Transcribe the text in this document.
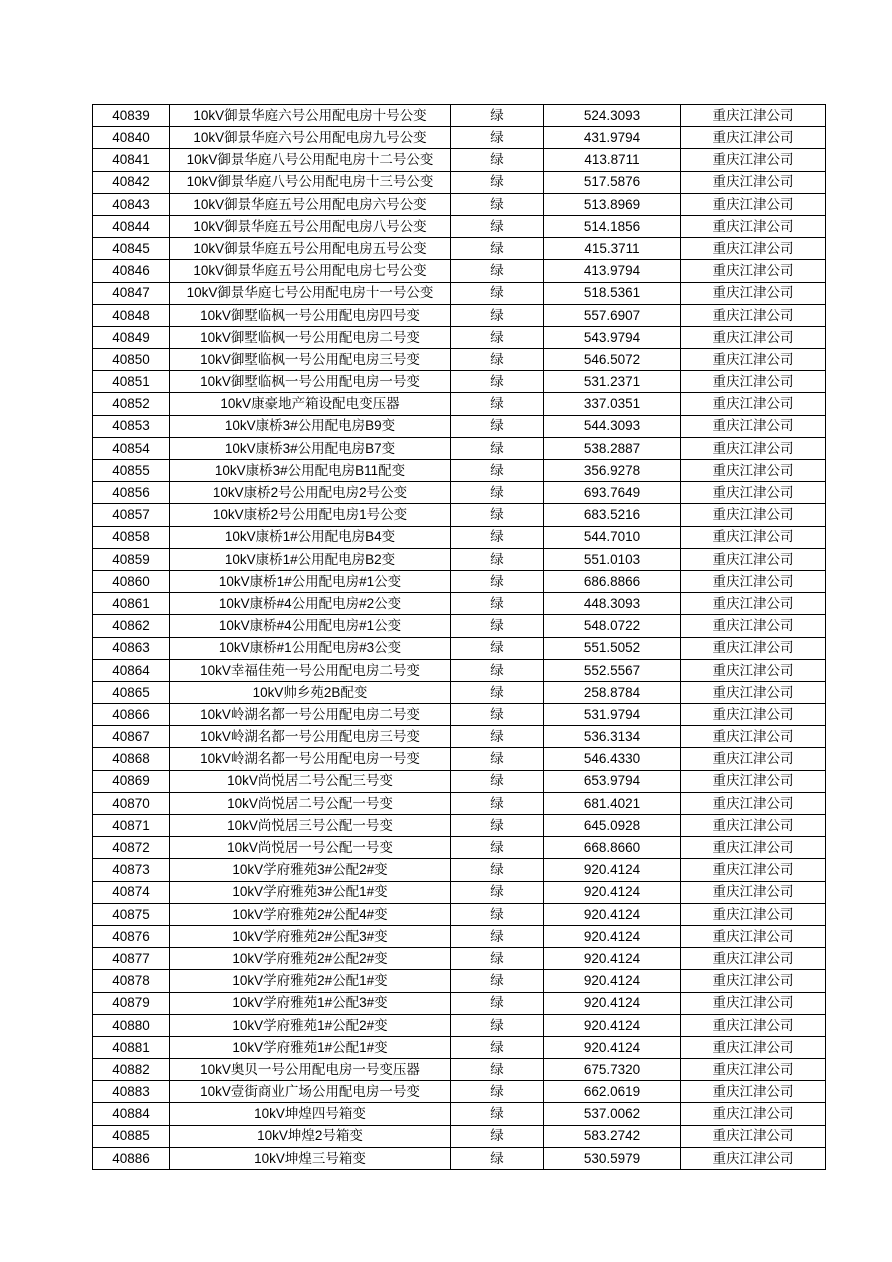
40839	10kV御景华庭六号公用配电房十号公变	绿	524.3093	重庆江津公司
40840	10kV御景华庭六号公用配电房九号公变	绿	431.9794	重庆江津公司
40841	10kV御景华庭八号公用配电房十二号公变	绿	413.8711	重庆江津公司
40842	10kV御景华庭八号公用配电房十三号公变	绿	517.5876	重庆江津公司
40843	10kV御景华庭五号公用配电房六号公变	绿	513.8969	重庆江津公司
40844	10kV御景华庭五号公用配电房八号公变	绿	514.1856	重庆江津公司
40845	10kV御景华庭五号公用配电房五号公变	绿	415.3711	重庆江津公司
40846	10kV御景华庭五号公用配电房七号公变	绿	413.9794	重庆江津公司
40847	10kV御景华庭七号公用配电房十一号公变	绿	518.5361	重庆江津公司
40848	10kV御墅临枫一号公用配电房四号变	绿	557.6907	重庆江津公司
40849	10kV御墅临枫一号公用配电房二号变	绿	543.9794	重庆江津公司
40850	10kV御墅临枫一号公用配电房三号变	绿	546.5072	重庆江津公司
40851	10kV御墅临枫一号公用配电房一号变	绿	531.2371	重庆江津公司
40852	10kV康豪地产箱设配电变压器	绿	337.0351	重庆江津公司
40853	10kV康桥3#公用配电房B9变	绿	544.3093	重庆江津公司
40854	10kV康桥3#公用配电房B7变	绿	538.2887	重庆江津公司
40855	10kV康桥3#公用配电房B11配变	绿	356.9278	重庆江津公司
40856	10kV康桥2号公用配电房2号公变	绿	693.7649	重庆江津公司
40857	10kV康桥2号公用配电房1号公变	绿	683.5216	重庆江津公司
40858	10kV康桥1#公用配电房B4变	绿	544.7010	重庆江津公司
40859	10kV康桥1#公用配电房B2变	绿	551.0103	重庆江津公司
40860	10kV康桥1#公用配电房#1公变	绿	686.8866	重庆江津公司
40861	10kV康桥#4公用配电房#2公变	绿	448.3093	重庆江津公司
40862	10kV康桥#4公用配电房#1公变	绿	548.0722	重庆江津公司
40863	10kV康桥#1公用配电房#3公变	绿	551.5052	重庆江津公司
40864	10kV幸福佳苑一号公用配电房二号变	绿	552.5567	重庆江津公司
40865	10kV帅乡苑2B配变	绿	258.8784	重庆江津公司
40866	10kV岭湖名都一号公用配电房二号变	绿	531.9794	重庆江津公司
40867	10kV岭湖名都一号公用配电房三号变	绿	536.3134	重庆江津公司
40868	10kV岭湖名都一号公用配电房一号变	绿	546.4330	重庆江津公司
40869	10kV尚悦居二号公配三号变	绿	653.9794	重庆江津公司
40870	10kV尚悦居二号公配一号变	绿	681.4021	重庆江津公司
40871	10kV尚悦居三号公配一号变	绿	645.0928	重庆江津公司
40872	10kV尚悦居一号公配一号变	绿	668.8660	重庆江津公司
40873	10kV学府雅苑3#公配2#变	绿	920.4124	重庆江津公司
40874	10kV学府雅苑3#公配1#变	绿	920.4124	重庆江津公司
40875	10kV学府雅苑2#公配4#变	绿	920.4124	重庆江津公司
40876	10kV学府雅苑2#公配3#变	绿	920.4124	重庆江津公司
40877	10kV学府雅苑2#公配2#变	绿	920.4124	重庆江津公司
40878	10kV学府雅苑2#公配1#变	绿	920.4124	重庆江津公司
40879	10kV学府雅苑1#公配3#变	绿	920.4124	重庆江津公司
40880	10kV学府雅苑1#公配2#变	绿	920.4124	重庆江津公司
40881	10kV学府雅苑1#公配1#变	绿	920.4124	重庆江津公司
40882	10kV奥贝一号公用配电房一号变压器	绿	675.7320	重庆江津公司
40883	10kV壹街商业广场公用配电房一号变	绿	662.0619	重庆江津公司
40884	10kV坤煌四号箱变	绿	537.0062	重庆江津公司
40885	10kV坤煌2号箱变	绿	583.2742	重庆江津公司
40886	10kV坤煌三号箱变	绿	530.5979	重庆江津公司
